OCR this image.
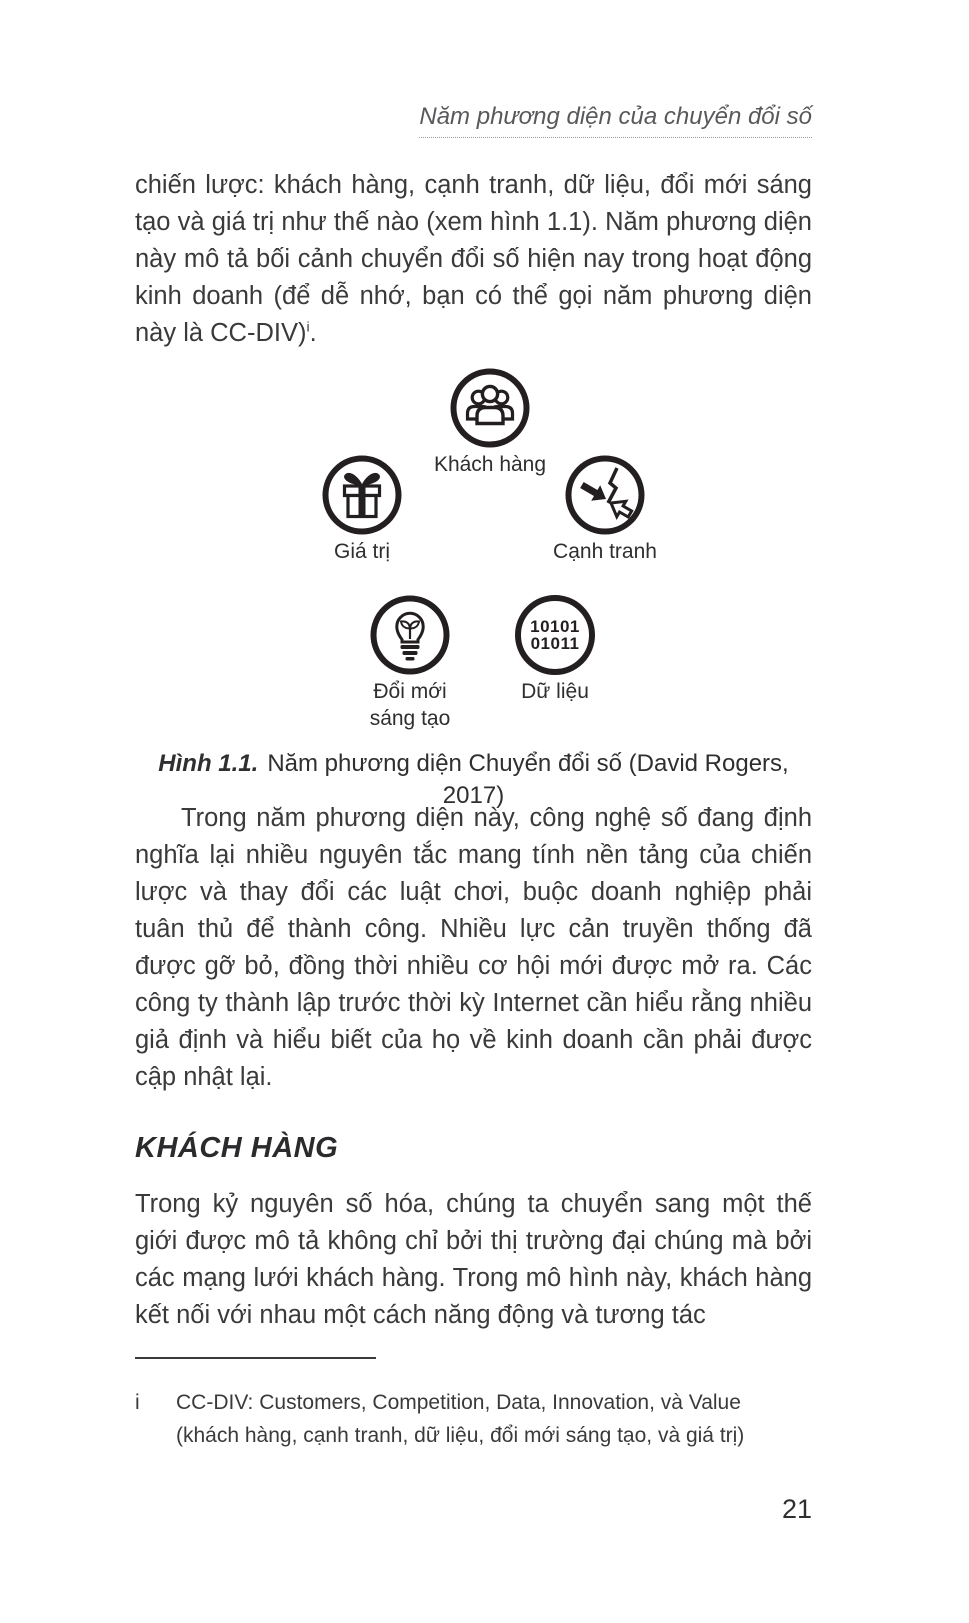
Năm phương diện của chuyển đổi số

chiến lược: khách hàng, cạnh tranh, dữ liệu, đổi mới sáng tạo và giá trị như thế nào (xem hình 1.1). Năm phương diện này mô tả bối cảnh chuyển đổi số hiện nay trong hoạt động kinh doanh (để dễ nhớ, bạn có thể gọi năm phương diện này là CC-DIV)$^i$.

Khách hàng
Giá trị	Cạnh tranh
Đổi mới
sáng tạo
10101
01011
Dữ liệu

Hình 1.1. Năm phương diện Chuyển đổi số (David Rogers, 2017)

Trong năm phương diện này, công nghệ số đang định nghĩa lại nhiều nguyên tắc mang tính nền tảng của chiến lược và thay đổi các luật chơi, buộc doanh nghiệp phải tuân thủ để thành công. Nhiều lực cản truyền thống đã được gỡ bỏ, đồng thời nhiều cơ hội mới được mở ra. Các công ty thành lập trước thời kỳ Internet cần hiểu rằng nhiều giả định và hiểu biết của họ về kinh doanh cần phải được cập nhật lại.

KHÁCH HÀNG

Trong kỷ nguyên số hóa, chúng ta chuyển sang một thế giới được mô tả không chỉ bởi thị trường đại chúng mà bởi các mạng lưới khách hàng. Trong mô hình này, khách hàng kết nối với nhau một cách năng động và tương tác

i	CC-DIV: Customers, Competition, Data, Innovation, và Value
(khách hàng, cạnh tranh, dữ liệu, đổi mới sáng tạo, và giá trị)
21
